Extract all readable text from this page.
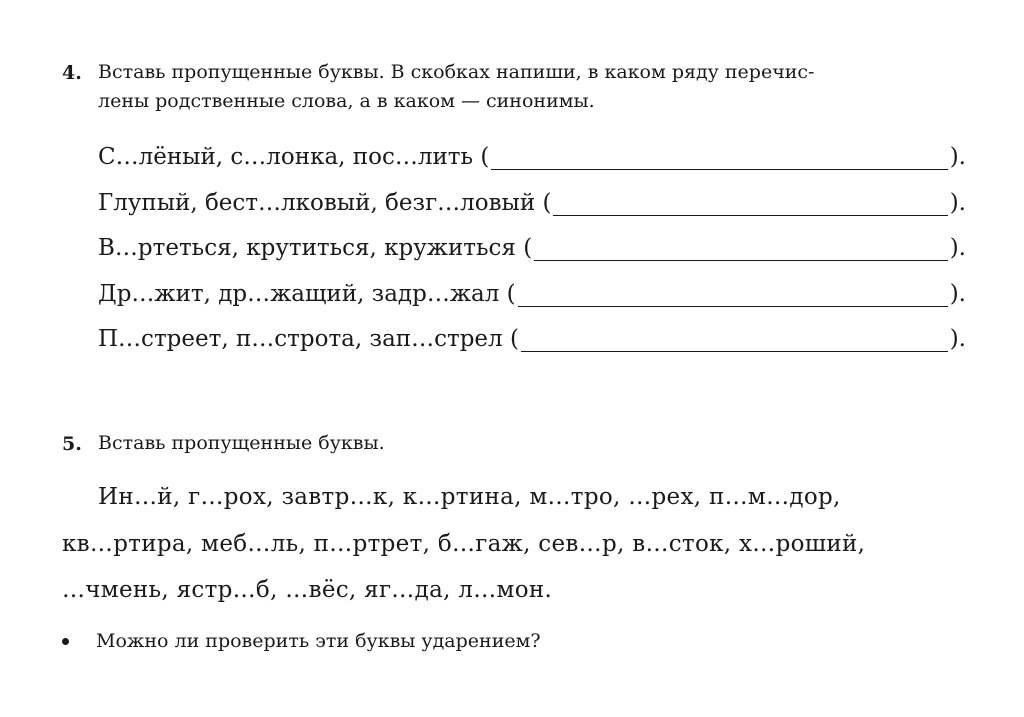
4. Вставь пропущенные буквы. В скобках напиши, в каком ряду перечис-
лены родственные слова, а в каком — синонимы.
С…лёный, с…лонка, пос…лить (	).
Глупый, бест…лковый, безг…ловый (	).
В…ртеться, крутиться, кружиться (	).
Др…жит, др…жащий, задр…жал (	).
П…стреет, п…строта, зап…стрел (	).
5. Вставь пропущенные буквы.
Ин…й, г…рох, завтр…к, к…ртина, м…тро, …рех, п…м…дор,
кв…ртира, меб…ль, п…ртрет, б…гаж, сев…р, в…сток, х…роший,
…чмень, ястр…б, …вёс, яг…да, л…мон.
Можно ли проверить эти буквы ударением?
